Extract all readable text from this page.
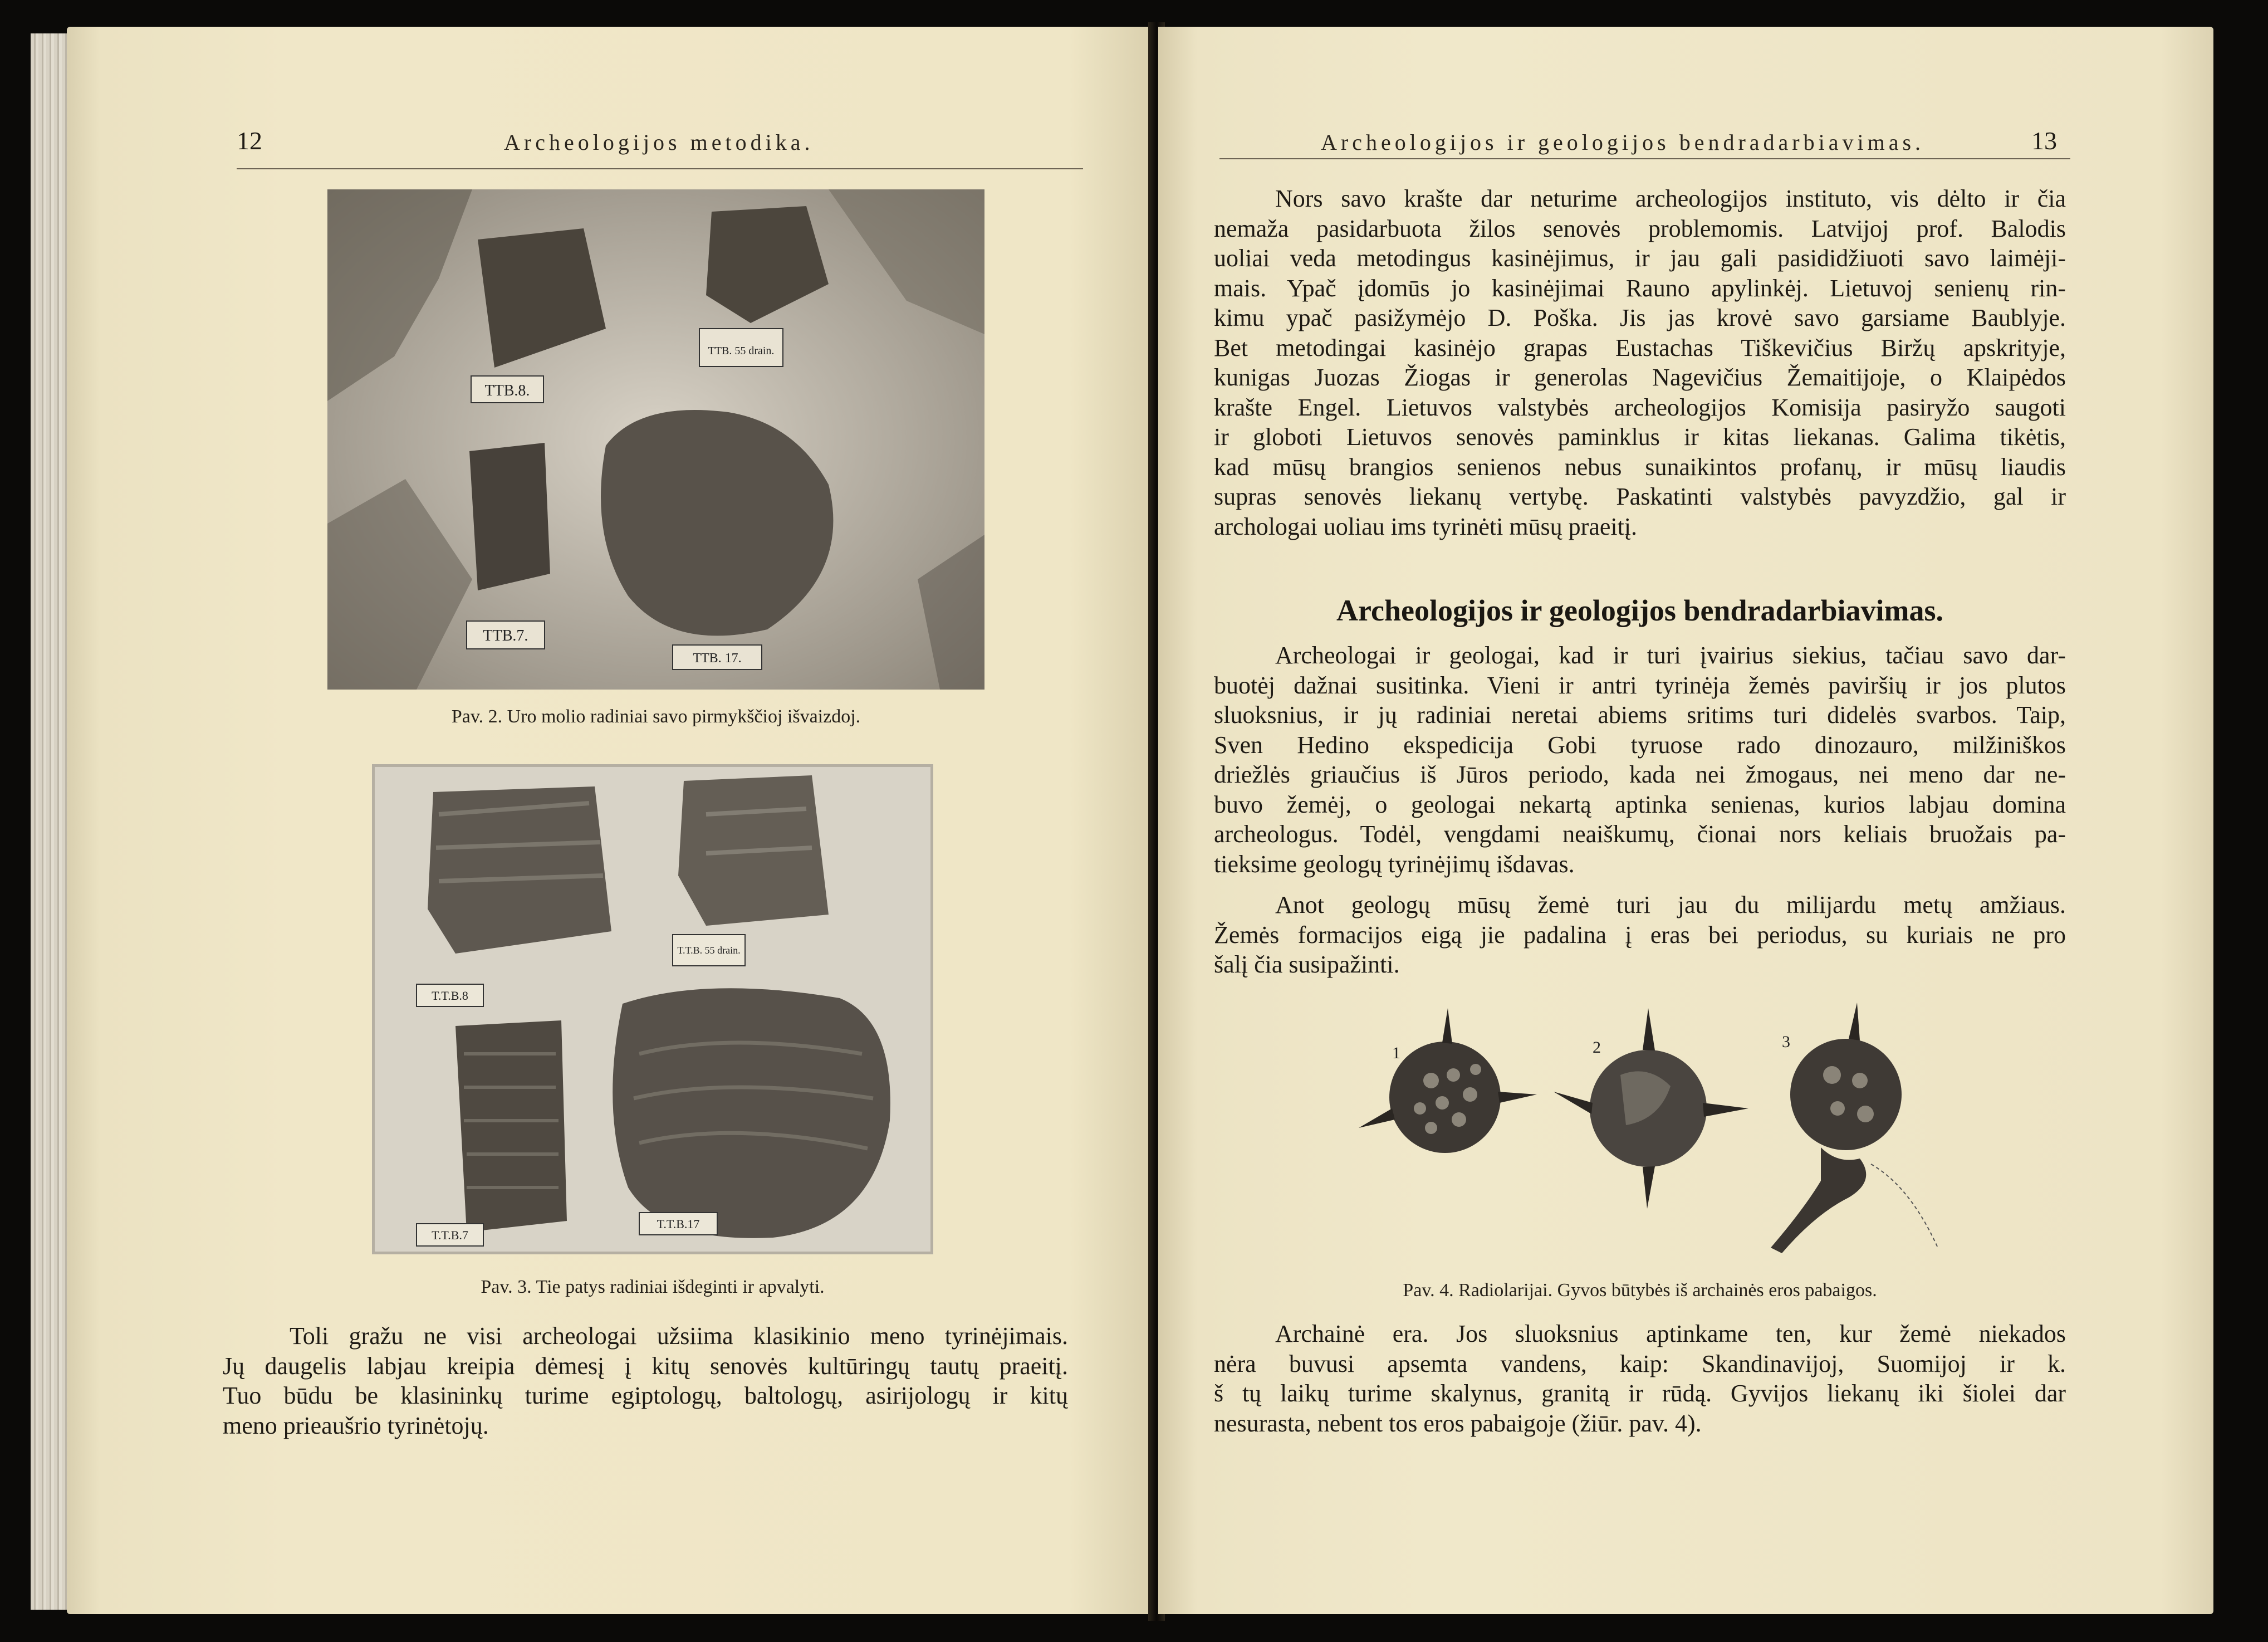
12	Archeologijos metodika.
TTB.8.
TTB. 55 drain.
TTB.7.
TTB. 17.
Pav. 2. Uro molio radiniai savo pirmykščioj išvaizdoj.
T.T.B.8
T.T.B. 55 drain.
T.T.B.7
T.T.B.17
Pav. 3. Tie patys radiniai išdeginti ir apvalyti.

Toli gražu ne visi archeologai užsiima klasikinio meno tyrinėjimais.

Jų daugelis labjau kreipia dėmesį į kitų senovės kultūringų tautų praeitį.

Tuo būdu be klasininkų turime egiptologų, baltologų, asirijologų ir kitų

meno prieaušrio tyrinėtojų.

Archeologijos ir geologijos bendradarbiavimas.	13

Nors savo krašte dar neturime archeologijos instituto, vis dėlto ir čia

nemaža pasidarbuota žilos senovės problemomis. Latvijoj prof. Balodis

uoliai veda metodingus kasinėjimus, ir jau gali pasididžiuoti savo laimėji-

mais. Ypač įdomūs jo kasinėjimai Rauno apylinkėj. Lietuvoj senienų rin-

kimu ypač pasižymėjo D. Poška. Jis jas krovė savo garsiame Baublyje.

Bet metodingai kasinėjo grapas Eustachas Tiškevičius Biržų apskrityje,

kunigas Juozas Žiogas ir generolas Nagevičius Žemaitijoje, o Klaipėdos

krašte Engel. Lietuvos valstybės archeologijos Komisija pasiryžo saugoti

ir globoti Lietuvos senovės paminklus ir kitas liekanas. Galima tikėtis,

kad mūsų brangios senienos nebus sunaikintos profanų, ir mūsų liaudis

supras senovės liekanų vertybę. Paskatinti valstybės pavyzdžio, gal ir

archologai uoliau ims tyrinėti mūsų praeitį.

Archeologijos ir geologijos bendradarbiavimas.

Archeologai ir geologai, kad ir turi įvairius siekius, tačiau savo dar-

buotėj dažnai susitinka. Vieni ir antri tyrinėja žemės paviršių ir jos plutos

sluoksnius, ir jų radiniai neretai abiems sritims turi didelės svarbos. Taip,

Sven Hedino ekspedicija Gobi tyruose rado dinozauro, milžiniškos

driežlės griaučius iš Jūros periodo, kada nei žmogaus, nei meno dar ne-

buvo žemėj, o geologai nekartą aptinka senienas, kurios labjau domina

archeologus. Todėl, vengdami neaiškumų, čionai nors keliais bruožais pa-

tieksime geologų tyrinėjimų išdavas.

Anot geologų mūsų žemė turi jau du milijardu metų amžiaus.

Žemės formacijos eigą jie padalina į eras bei periodus, su kuriais ne pro

šalį čia susipažinti.

1	2	3
Pav. 4. Radiolarijai. Gyvos būtybės iš archainės eros pabaigos.

Archainė era. Jos sluoksnius aptinkame ten, kur žemė niekados

nėra buvusi apsemta vandens, kaip: Skandinavijoj, Suomijoj ir k.

š tų laikų turime skalynus, granitą ir rūdą. Gyvijos liekanų iki šiolei dar

nesurasta, nebent tos eros pabaigoje (žiūr. pav. 4).
